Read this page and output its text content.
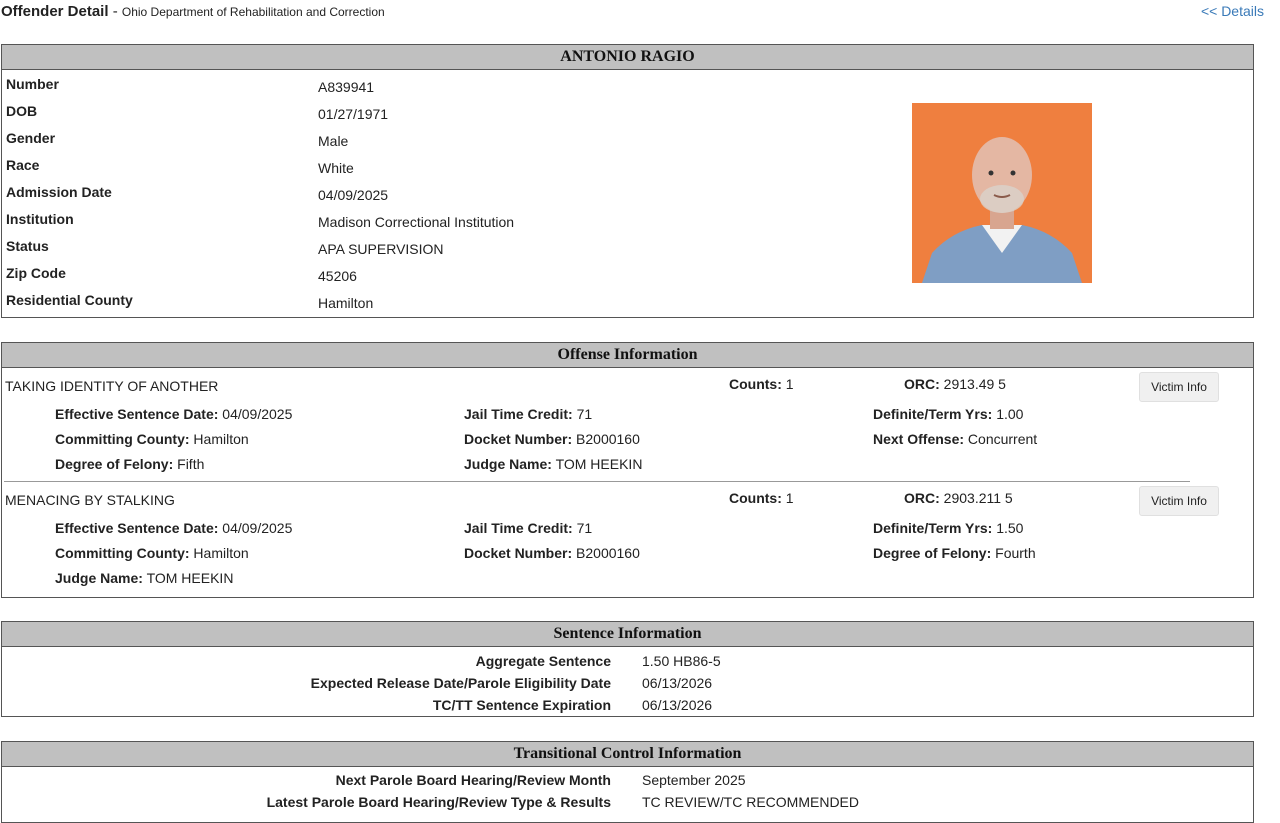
Offender Detail - Ohio Department of Rehabilitation and Correction	<< Details
ANTONIO RAGIO
Number	A839941
DOB	01/27/1971
Gender	Male
Race	White
Admission Date	04/09/2025
Institution	Madison Correctional Institution
Status	APA SUPERVISION
Zip Code	45206
Residential County	Hamilton
Offense Information
TAKING IDENTITY OF ANOTHER	Counts: 1	ORC: 2913.49 5	Victim Info
Effective Sentence Date: 04/09/2025	Jail Time Credit: 71	Definite/Term Yrs: 1.00
Committing County: Hamilton	Docket Number: B2000160	Next Offense: Concurrent
Degree of Felony: Fifth	Judge Name: TOM HEEKIN
MENACING BY STALKING	Counts: 1	ORC: 2903.211 5	Victim Info
Effective Sentence Date: 04/09/2025	Jail Time Credit: 71	Definite/Term Yrs: 1.50
Committing County: Hamilton	Docket Number: B2000160	Degree of Felony: Fourth
Judge Name: TOM HEEKIN
Sentence Information
Aggregate Sentence 1.50 HB86-5
Expected Release Date/Parole Eligibility Date 06/13/2026
TC/TT Sentence Expiration 06/13/2026
Transitional Control Information
Next Parole Board Hearing/Review Month September 2025
Latest Parole Board Hearing/Review Type & Results TC REVIEW/TC RECOMMENDED
